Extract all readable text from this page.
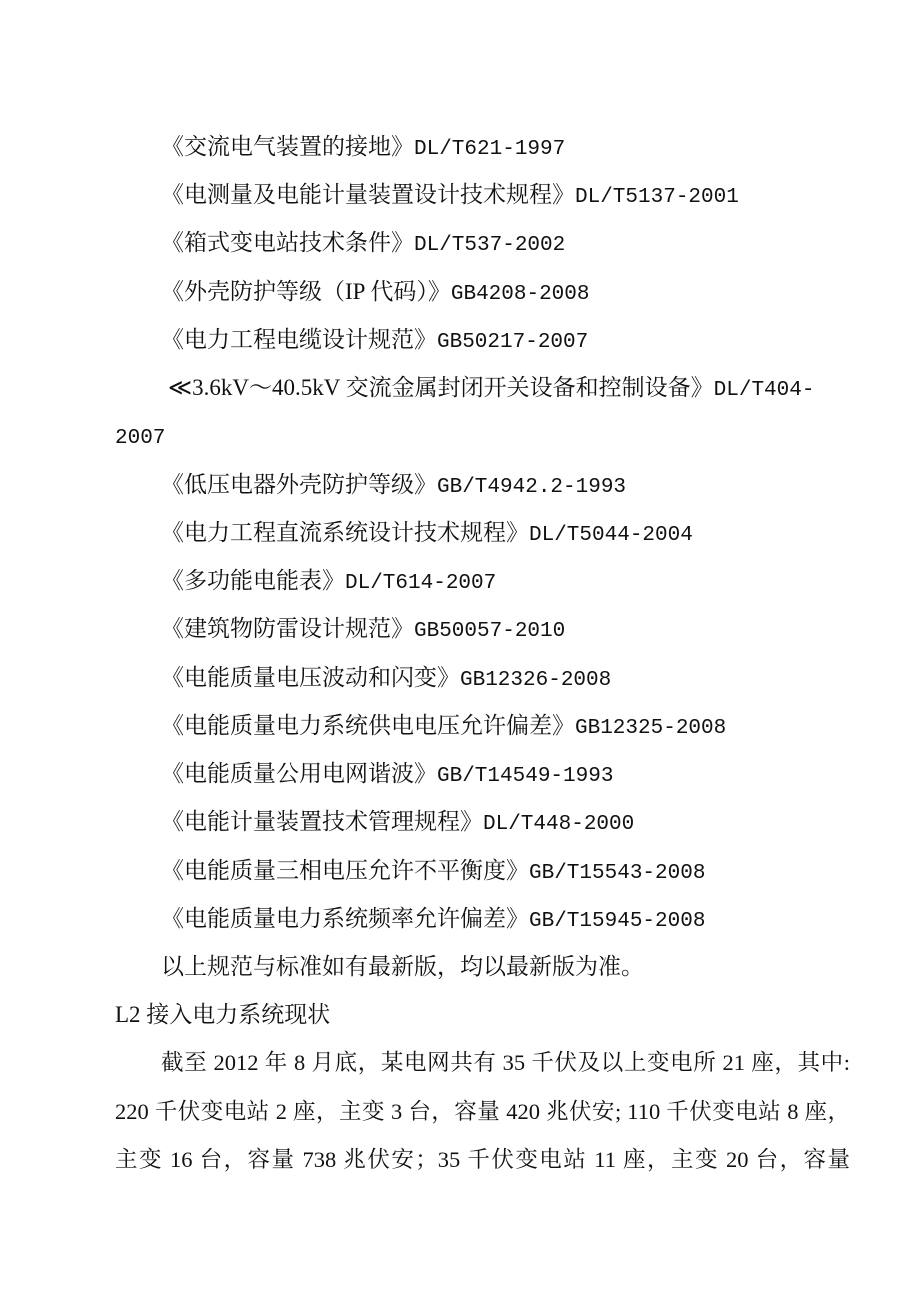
《交流电气装置的接地》DL/T621-1997
《电测量及电能计量装置设计技术规程》DL/T5137-2001
《箱式变电站技术条件》DL/T537-2002
《外壳防护等级（IP 代码）》GB4208-2008
《电力工程电缆设计规范》GB50217-2007
≪3.6kV～40.5kV 交流金属封闭开关设备和控制设备》DL/T404-
2007
《低压电器外壳防护等级》GB/T4942.2-1993
《电力工程直流系统设计技术规程》DL/T5044-2004
《多功能电能表》DL/T614-2007
《建筑物防雷设计规范》GB50057-2010
《电能质量电压波动和闪变》GB12326-2008
《电能质量电力系统供电电压允许偏差》GB12325-2008
《电能质量公用电网谐波》GB/T14549-1993
《电能计量装置技术管理规程》DL/T448-2000
《电能质量三相电压允许不平衡度》GB/T15543-2008
《电能质量电力系统频率允许偏差》GB/T15945-2008
以上规范与标准如有最新版，均以最新版为准。
L2 接入电力系统现状
截至 2012 年 8 月底，某电网共有 35 千伏及以上变电所 21 座，其中:
220 千伏变电站 2 座，主变 3 台，容量 420 兆伏安; 110 千伏变电站 8 座，
主变 16 台，容量 738 兆伏安；35 千伏变电站 11 座，主变 20 台，容量
